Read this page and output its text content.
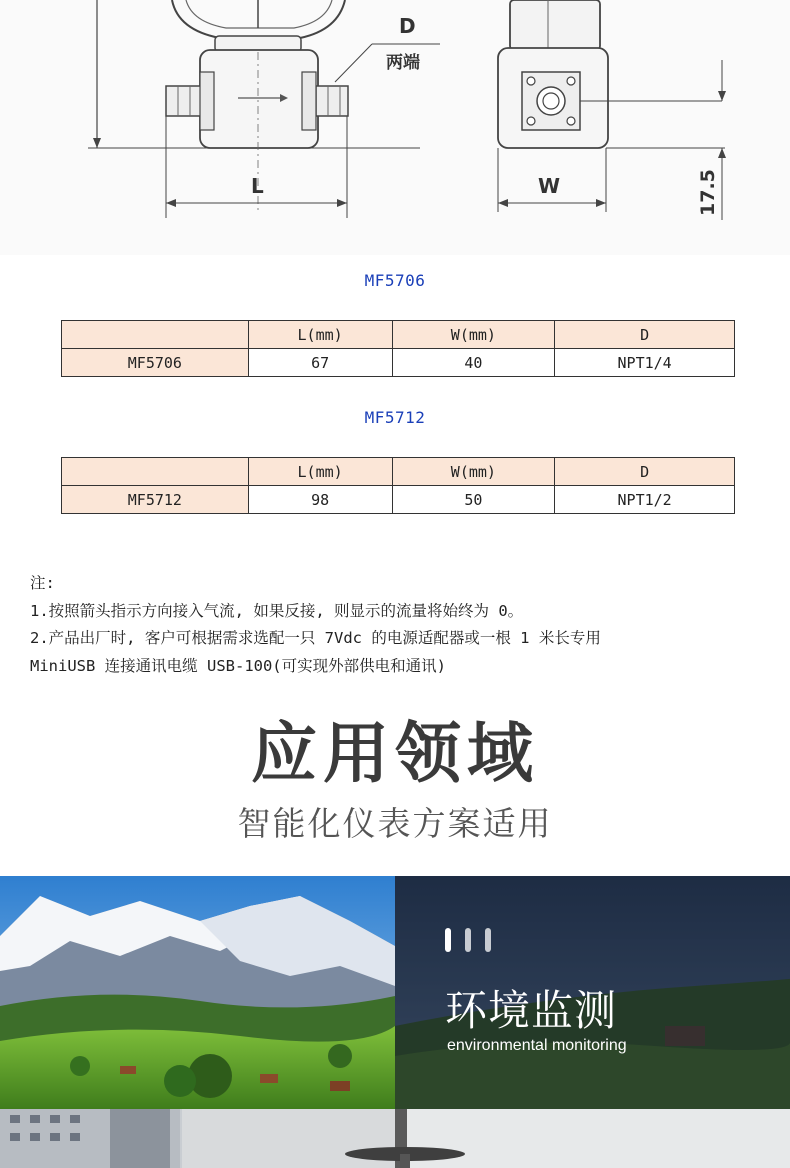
D
两端
L	W	17.5
MF5706
	L(mm)	W(mm)	D
MF5706	67	40	NPT1/4
MF5712
	L(mm)	W(mm)	D
MF5712	98	50	NPT1/2

注:

1.按照箭头指示方向接入气流, 如果反接, 则显示的流量将始终为 0。

2.产品出厂时, 客户可根据需求选配一只 7Vdc 的电源适配器或一根 1 米长专用

MiniUSB 连接通讯电缆 USB-100(可实现外部供电和通讯)

应用领域
智能化仪表方案适用
环境监测
environmental monitoring
